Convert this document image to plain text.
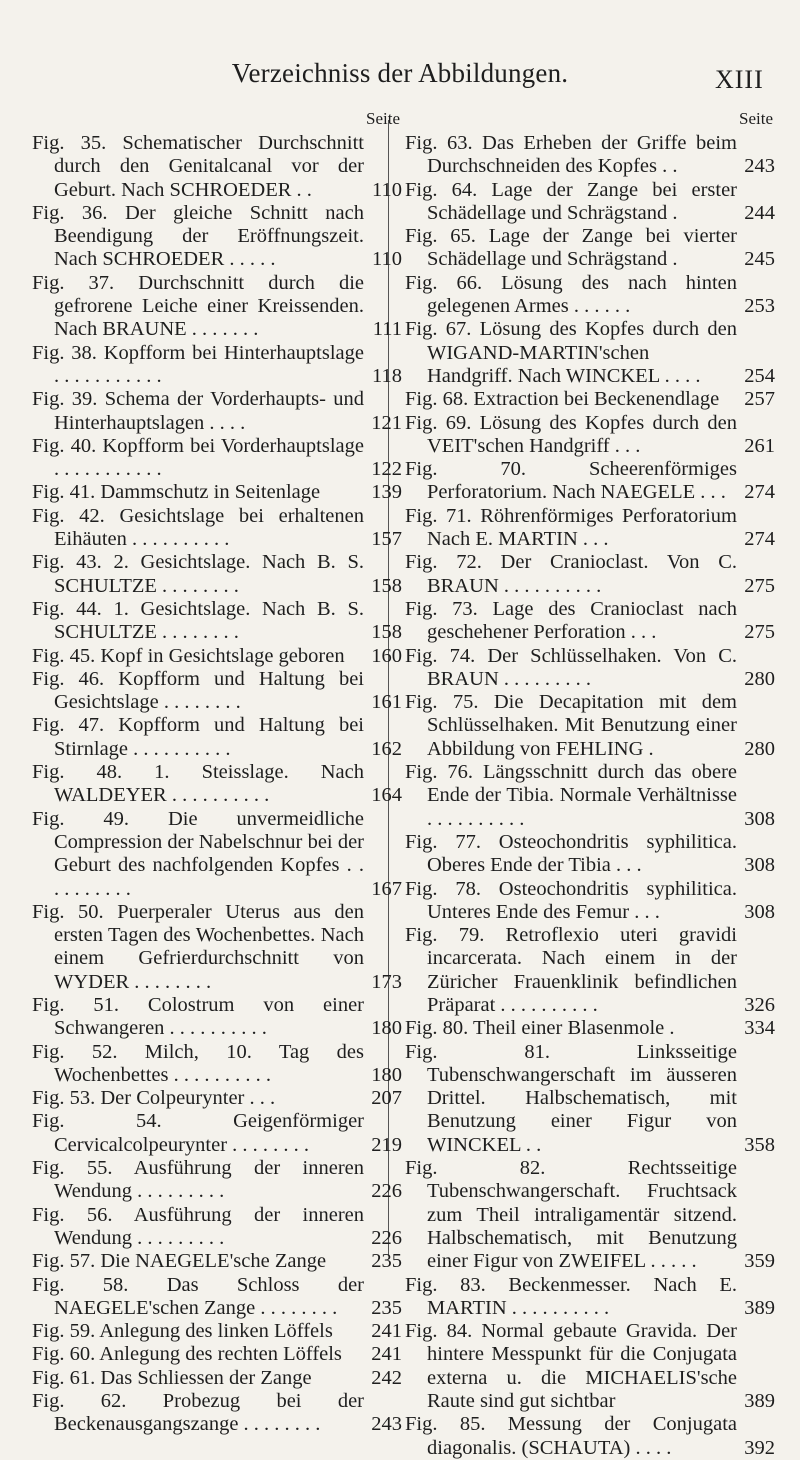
Verzeichniss der Abbildungen.	XIII
Seite
Fig. 35. Schematischer Durchschnitt durch den Genitalcanal vor der Geburt. Nach SCHROEDER . .	110
Fig. 36. Der gleiche Schnitt nach Beendigung der Eröffnungszeit. Nach SCHROEDER . . . . .	110
Fig. 37. Durchschnitt durch die gefrorene Leiche einer Kreissenden. Nach BRAUNE . . . . . . .	111
Fig. 38. Kopfform bei Hinterhauptslage . . . . . . . . . . .	118
Fig. 39. Schema der Vorderhaupts- und Hinterhauptslagen . . . .	121
Fig. 40. Kopfform bei Vorderhauptslage . . . . . . . . . . .	122
Fig. 41. Dammschutz in Seitenlage 139
Fig. 42. Gesichtslage bei erhaltenen Eihäuten . . . . . . . . . .	157
Fig. 43. 2. Gesichtslage. Nach B. S. SCHULTZE . . . . . . . .	158
Fig. 44. 1. Gesichtslage. Nach B. S. SCHULTZE . . . . . . . .	158
Fig. 45. Kopf in Gesichtslage geboren 160
Fig. 46. Kopfform und Haltung bei Gesichtslage . . . . . . . .	161
Fig. 47. Kopfform und Haltung bei Stirnlage . . . . . . . . . .	162
Fig. 48. 1. Steisslage. Nach WALDEYER . . . . . . . . . .	164
Fig. 49. Die unvermeidliche Compression der Nabelschnur bei der Geburt des nachfolgenden Kopfes . . . . . . . . . .	167
Fig. 50. Puerperaler Uterus aus den ersten Tagen des Wochenbettes. Nach einem Gefrierdurchschnitt von WYDER . . . . . . . .	173
Fig. 51. Colostrum von einer Schwangeren . . . . . . . . . .	180
Fig. 52. Milch, 10. Tag des Wochenbettes . . . . . . . . . .	180
Fig. 53. Der Colpeurynter . . .	207
Fig. 54. Geigenförmiger Cervicalcolpeurynter . . . . . . . .	219
Fig. 55. Ausführung der inneren Wendung . . . . . . . . .	226
Fig. 56. Ausführung der inneren Wendung . . . . . . . . .	226
Fig. 57. Die NAEGELE'sche Zange 235
Fig. 58. Das Schloss der NAEGELE'schen Zange . . . . . . . . 235
Fig. 59. Anlegung des linken Löffels 241
Fig. 60. Anlegung des rechten Löffels 241
Fig. 61. Das Schliessen der Zange	242
Fig. 62. Probezug bei der Beckenausgangszange . . . . . . . . 243
Seite
Fig. 63. Das Erheben der Griffe beim Durchschneiden des Kopfes . .	243
Fig. 64. Lage der Zange bei erster Schädellage und Schrägstand .	244
Fig. 65. Lage der Zange bei vierter Schädellage und Schrägstand .	245
Fig. 66. Lösung des nach hinten gelegenen Armes . . . . . .	253
Fig. 67. Lösung des Kopfes durch den WIGAND-MARTIN'schen Handgriff. Nach WINCKEL . . . . 254
Fig. 68. Extraction bei Beckenendlage 257
Fig. 69. Lösung des Kopfes durch den VEIT'schen Handgriff . . .	261
Fig. 70. Scheerenförmiges Perforatorium. Nach NAEGELE . . . 274
Fig. 71. Röhrenförmiges Perforatorium Nach E. MARTIN . . .	274
Fig. 72. Der Cranioclast. Von C. BRAUN . . . . . . . . . .	275
Fig. 73. Lage des Cranioclast nach geschehener Perforation . . .	275
Fig. 74. Der Schlüsselhaken. Von C. BRAUN . . . . . . . . .	280
Fig. 75. Die Decapitation mit dem Schlüsselhaken. Mit Benutzung einer Abbildung von FEHLING .	280
Fig. 76. Längsschnitt durch das obere Ende der Tibia. Normale Verhältnisse . . . . . . . . . .	308
Fig. 77. Osteochondritis syphilitica. Oberes Ende der Tibia . . .	308
Fig. 78. Osteochondritis syphilitica. Unteres Ende des Femur . . .	308
Fig. 79. Retroflexio uteri gravidi incarcerata. Nach einem in der Züricher Frauenklinik befindlichen Präparat . . . . . . . . . .	326
Fig. 80. Theil einer Blasenmole .	334
Fig. 81. Linksseitige Tubenschwangerschaft im äusseren Drittel. Halbschematisch, mit Benutzung einer Figur von WINCKEL . .	358
Fig. 82. Rechtsseitige Tubenschwangerschaft. Fruchtsack zum Theil intraligamentär sitzend. Halbschematisch, mit Benutzung einer Figur von ZWEIFEL . . . . . 359
Fig. 83. Beckenmesser. Nach E. MARTIN . . . . . . . . . .	389
Fig. 84. Normal gebaute Gravida. Der hintere Messpunkt für die Conjugata externa u. die MICHAELIS'sche Raute sind gut sichtbar	389
Fig. 85. Messung der Conjugata diagonalis. (SCHAUTA) . . . .	392
